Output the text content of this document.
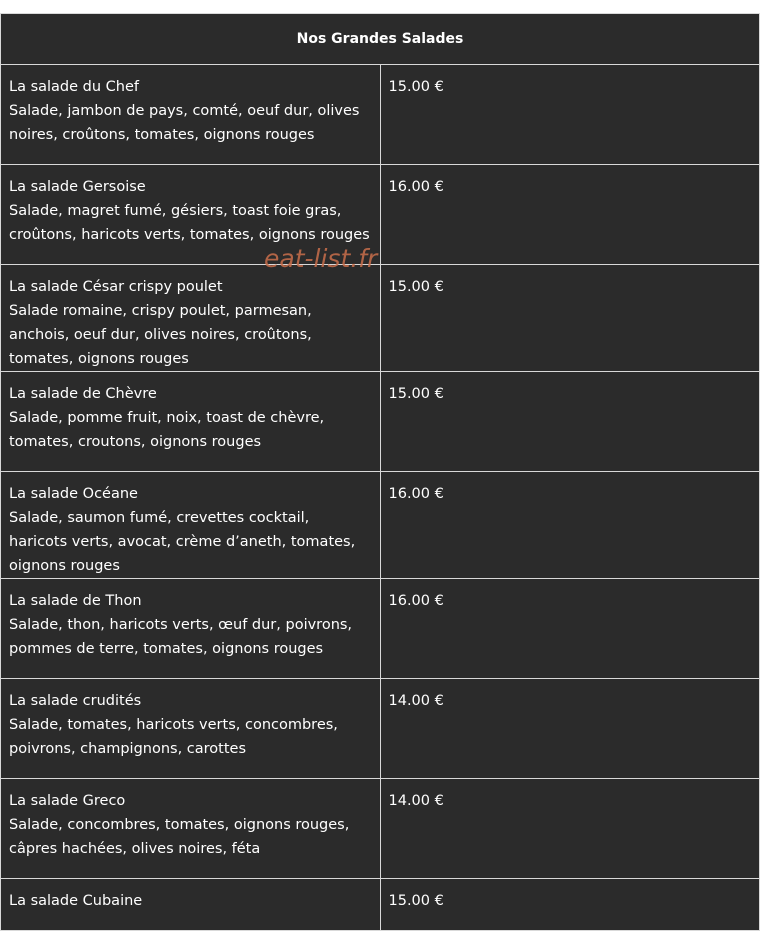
Nos Grandes Salades	

La salade du Chef
Salade, jambon de pays, comté, oeuf dur, olives noires, croûtons, tomates, oignons rouges	15.00 €

La salade Gersoise
Salade, magret fumé, gésiers, toast foie gras, croûtons, haricots verts, tomates, oignons rouges	16.00 €

La salade César crispy poulet
Salade romaine, crispy poulet, parmesan, anchois, oeuf dur, olives noires, croûtons, tomates, oignons rouges	15.00 €

La salade de Chèvre
Salade, pomme fruit, noix, toast de chèvre, tomates, croutons, oignons rouges	15.00 €

La salade Océane
Salade, saumon fumé, crevettes cocktail, haricots verts, avocat, crème d’aneth, tomates, oignons rouges	16.00 €

La salade de Thon
Salade, thon, haricots verts, œuf dur, poivrons, pommes de terre, tomates, oignons rouges	16.00 €

La salade crudités
Salade, tomates, haricots verts, concombres, poivrons, champignons, carottes	14.00 €

La salade Greco
Salade, concombres, tomates, oignons rouges, câpres hachées, olives noires, féta	14.00 €

La salade Cubaine	15.00 €
eat-list.fr
